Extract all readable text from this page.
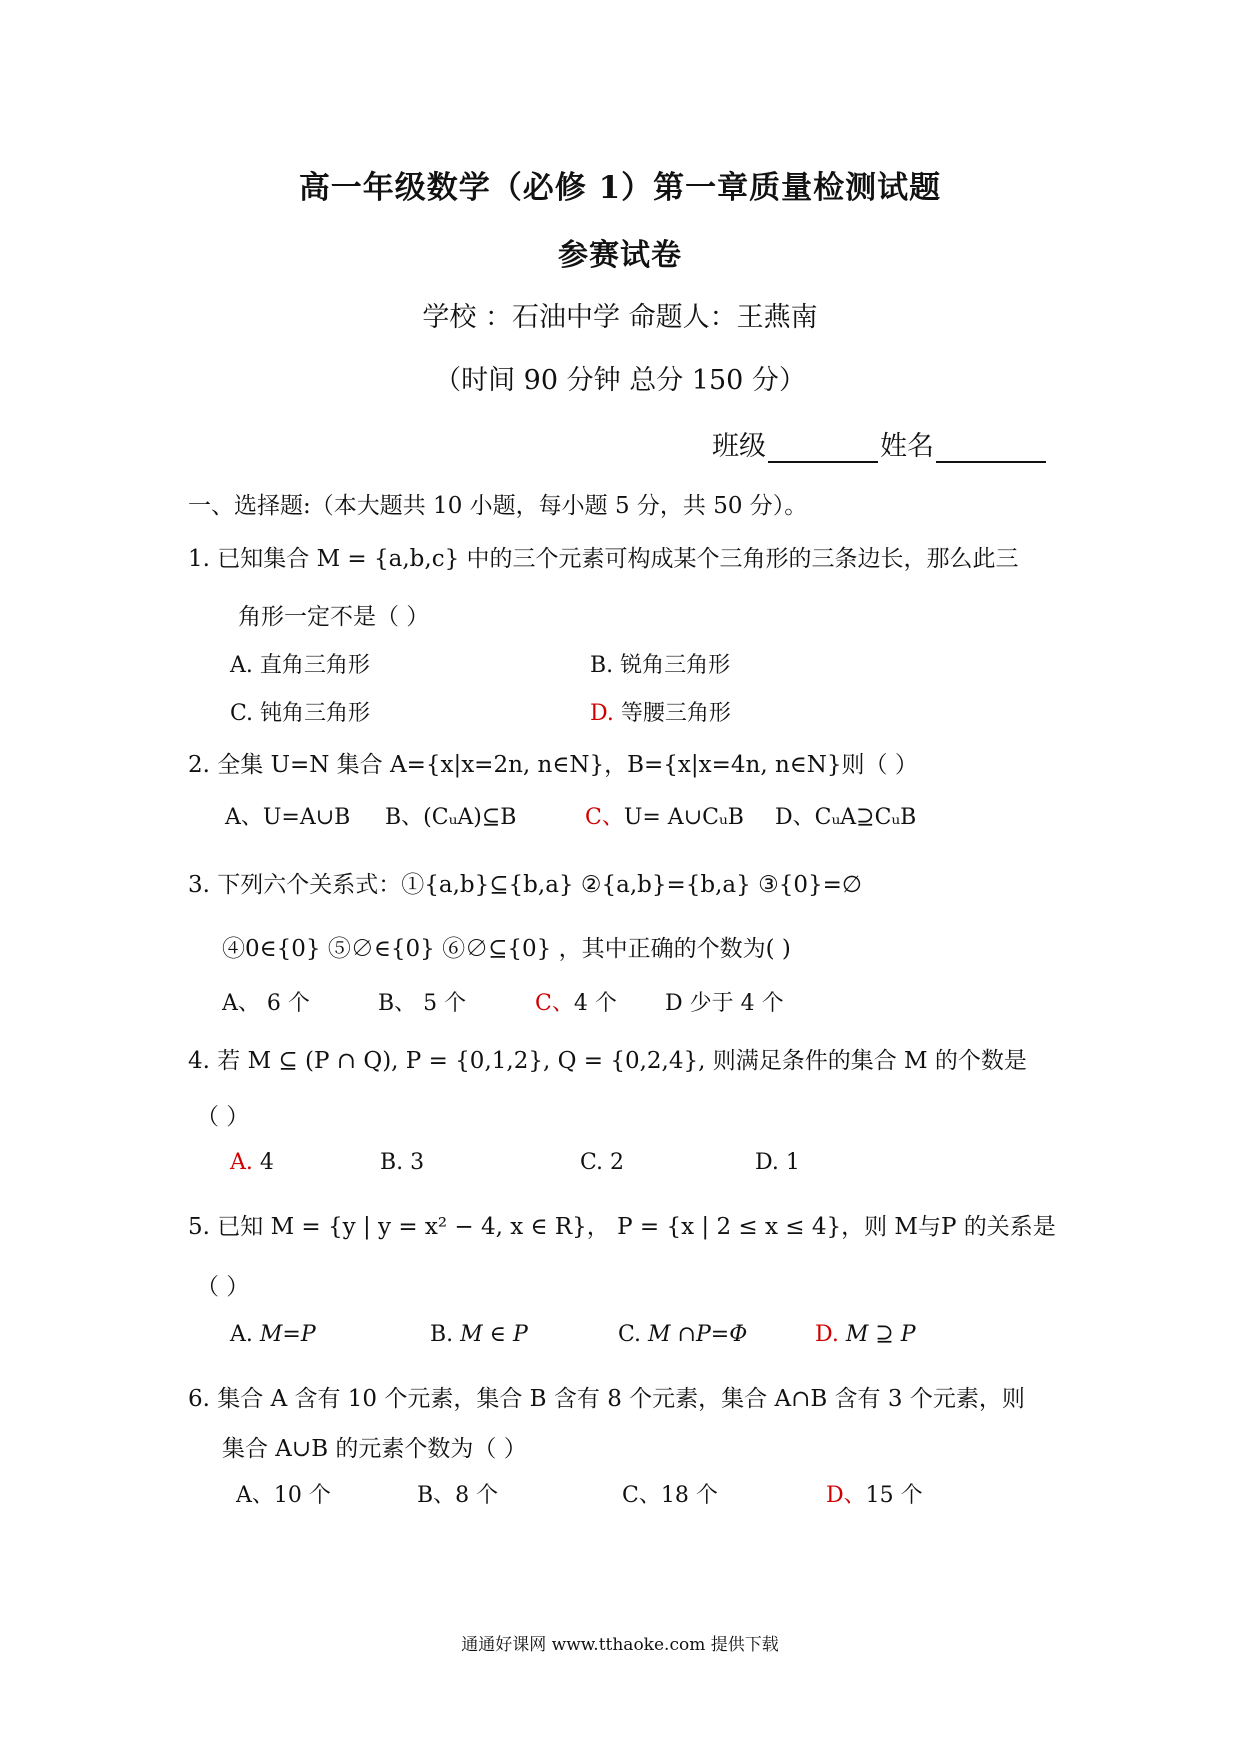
高一年级数学（必修 1）第一章质量检测试题
参赛试卷
学校 ：石油中学 命题人：王燕南
（时间 90 分钟 总分 150 分）
班级	姓名
一、选择题:（本大题共 10 小题，每小题 5 分，共 50 分）。
1. 已知集合 M = {a,b,c} 中的三个元素可构成某个三角形的三条边长，那么此三
角形一定不是（ ）
A. 直角三角形	B. 锐角三角形
C. 钝角三角形	D. 等腰三角形
2. 全集 U=N 集合 A={x|x=2n, n∈N}，B={x|x=4n, n∈N}则（ ）
A、U=A∪B B、(CᵤA)⊆B	C、U= A∪CᵤB D、CᵤA⊇CᵤB
3. 下列六个关系式：①{a,b}⊆{b,a} ②{a,b}={b,a} ③{0}=∅
④0∈{0} ⑤∅∈{0} ⑥∅⊆{0} ，其中正确的个数为( )
A、 6 个	B、 5 个	C、4 个 D 少于 4 个
4. 若 M ⊆ (P ∩ Q), P = {0,1,2}, Q = {0,2,4}, 则满足条件的集合 M 的个数是
（ ）
A. 4	B. 3	C. 2	D. 1
5. 已知 M = {y | y = x² − 4, x ∈ R}， P = {x | 2 ≤ x ≤ 4}，则 M与P 的关系是
（ ）
A. M=P	B. M ∈ P	C. M ∩P=Φ	D. M ⊇ P
6. 集合 A 含有 10 个元素，集合 B 含有 8 个元素，集合 A∩B 含有 3 个元素，则
集合 A∪B 的元素个数为（ ）
A、10 个	B、8 个	C、18 个	D、15 个
通通好课网 www.tthaoke.com 提供下载
